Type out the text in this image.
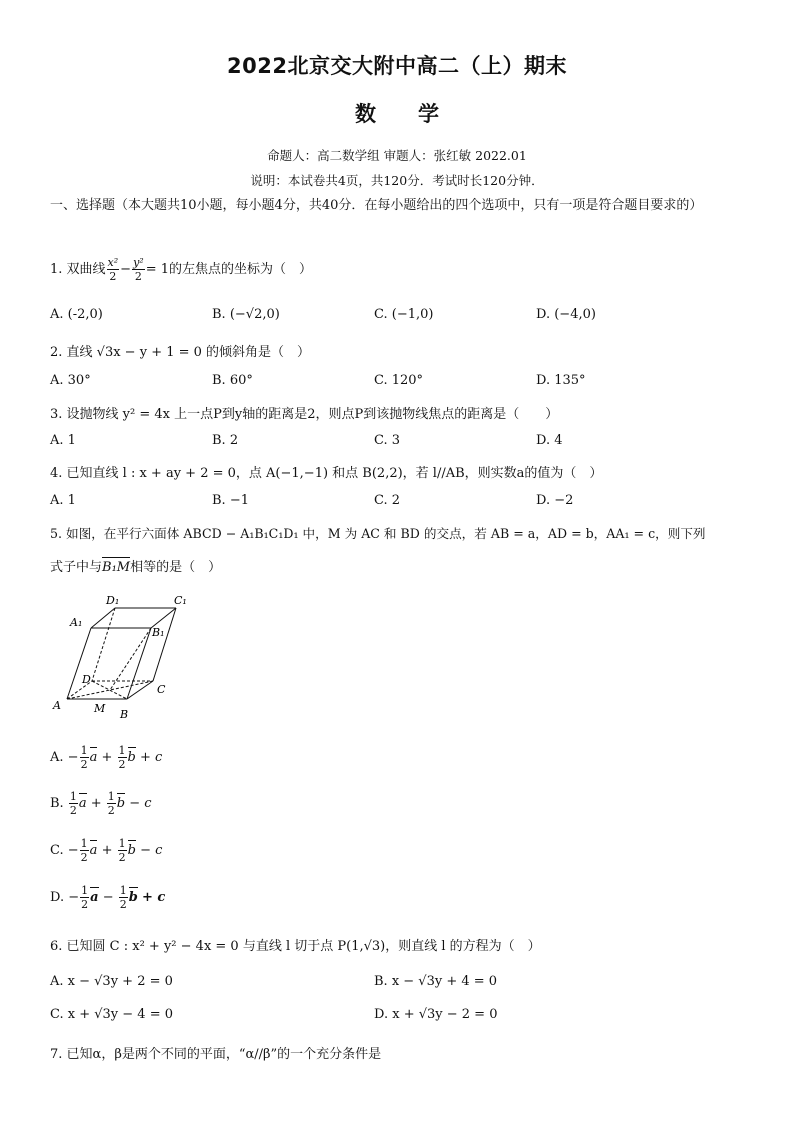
2022北京交大附中高二（上）期末
数　　学
命题人：高二数学组 审题人：张红敏 2022.01
说明：本试卷共4页，共120分．考试时长120分钟．
一、选择题（本大题共10小题，每小题4分，共40分．在每小题给出的四个选项中，只有一项是符合题目要求的）
1. 双曲线 $\frac{\text{x²}}{2} - \frac{\text{y²}}{2} = 1$的左焦点的坐标为（　）
A. (-2,0)	B. (−√2,0)	C. (−1,0)	D. (−4,0)
2. 直线 √3x − y + 1 = 0 的倾斜角是（　）
A. 30°	B. 60°	C. 120°	D. 135°
3. 设抛物线 y² = 4x 上一点P到y轴的距离是2，则点P到该抛物线焦点的距离是（　　）
A. 1	B. 2	C. 3	D. 4
4. 已知直线 l : x + ay + 2 = 0，点 A(−1,−1) 和点 B(2,2)，若 l//AB，则实数a的值为（　）
A. 1	B. −1	C. 2	D. −2
5. 如图，在平行六面体 ABCD − A₁B₁C₁D₁ 中，M 为 AC 和 BD 的交点，若 AB = a，AD = b，AA₁ = c，则下列
式子中与B₁M相等的是（　）
D₁	C₁
A₁
B₁
D
C
A	M B
A. − $\frac{1}{2}$ $a + \frac{1}{2}$ b + c
B. $\frac{1}{2}$ $a + \frac{1}{2}$ b − c
C. − $\frac{1}{2}$ $a + \frac{1}{2}$ b − c
D. − $\frac{1}{2}$ $a - \frac{1}{2}$ b + c
6. 已知圆 C : x² + y² − 4x = 0 与直线 l 切于点 P(1,√3)，则直线 l 的方程为（　）
A. x − √3y + 2 = 0	B. x − √3y + 4 = 0
C. x + √3y − 4 = 0	D. x + √3y − 2 = 0
7. 已知α，β是两个不同的平面，“α//β”的一个充分条件是
